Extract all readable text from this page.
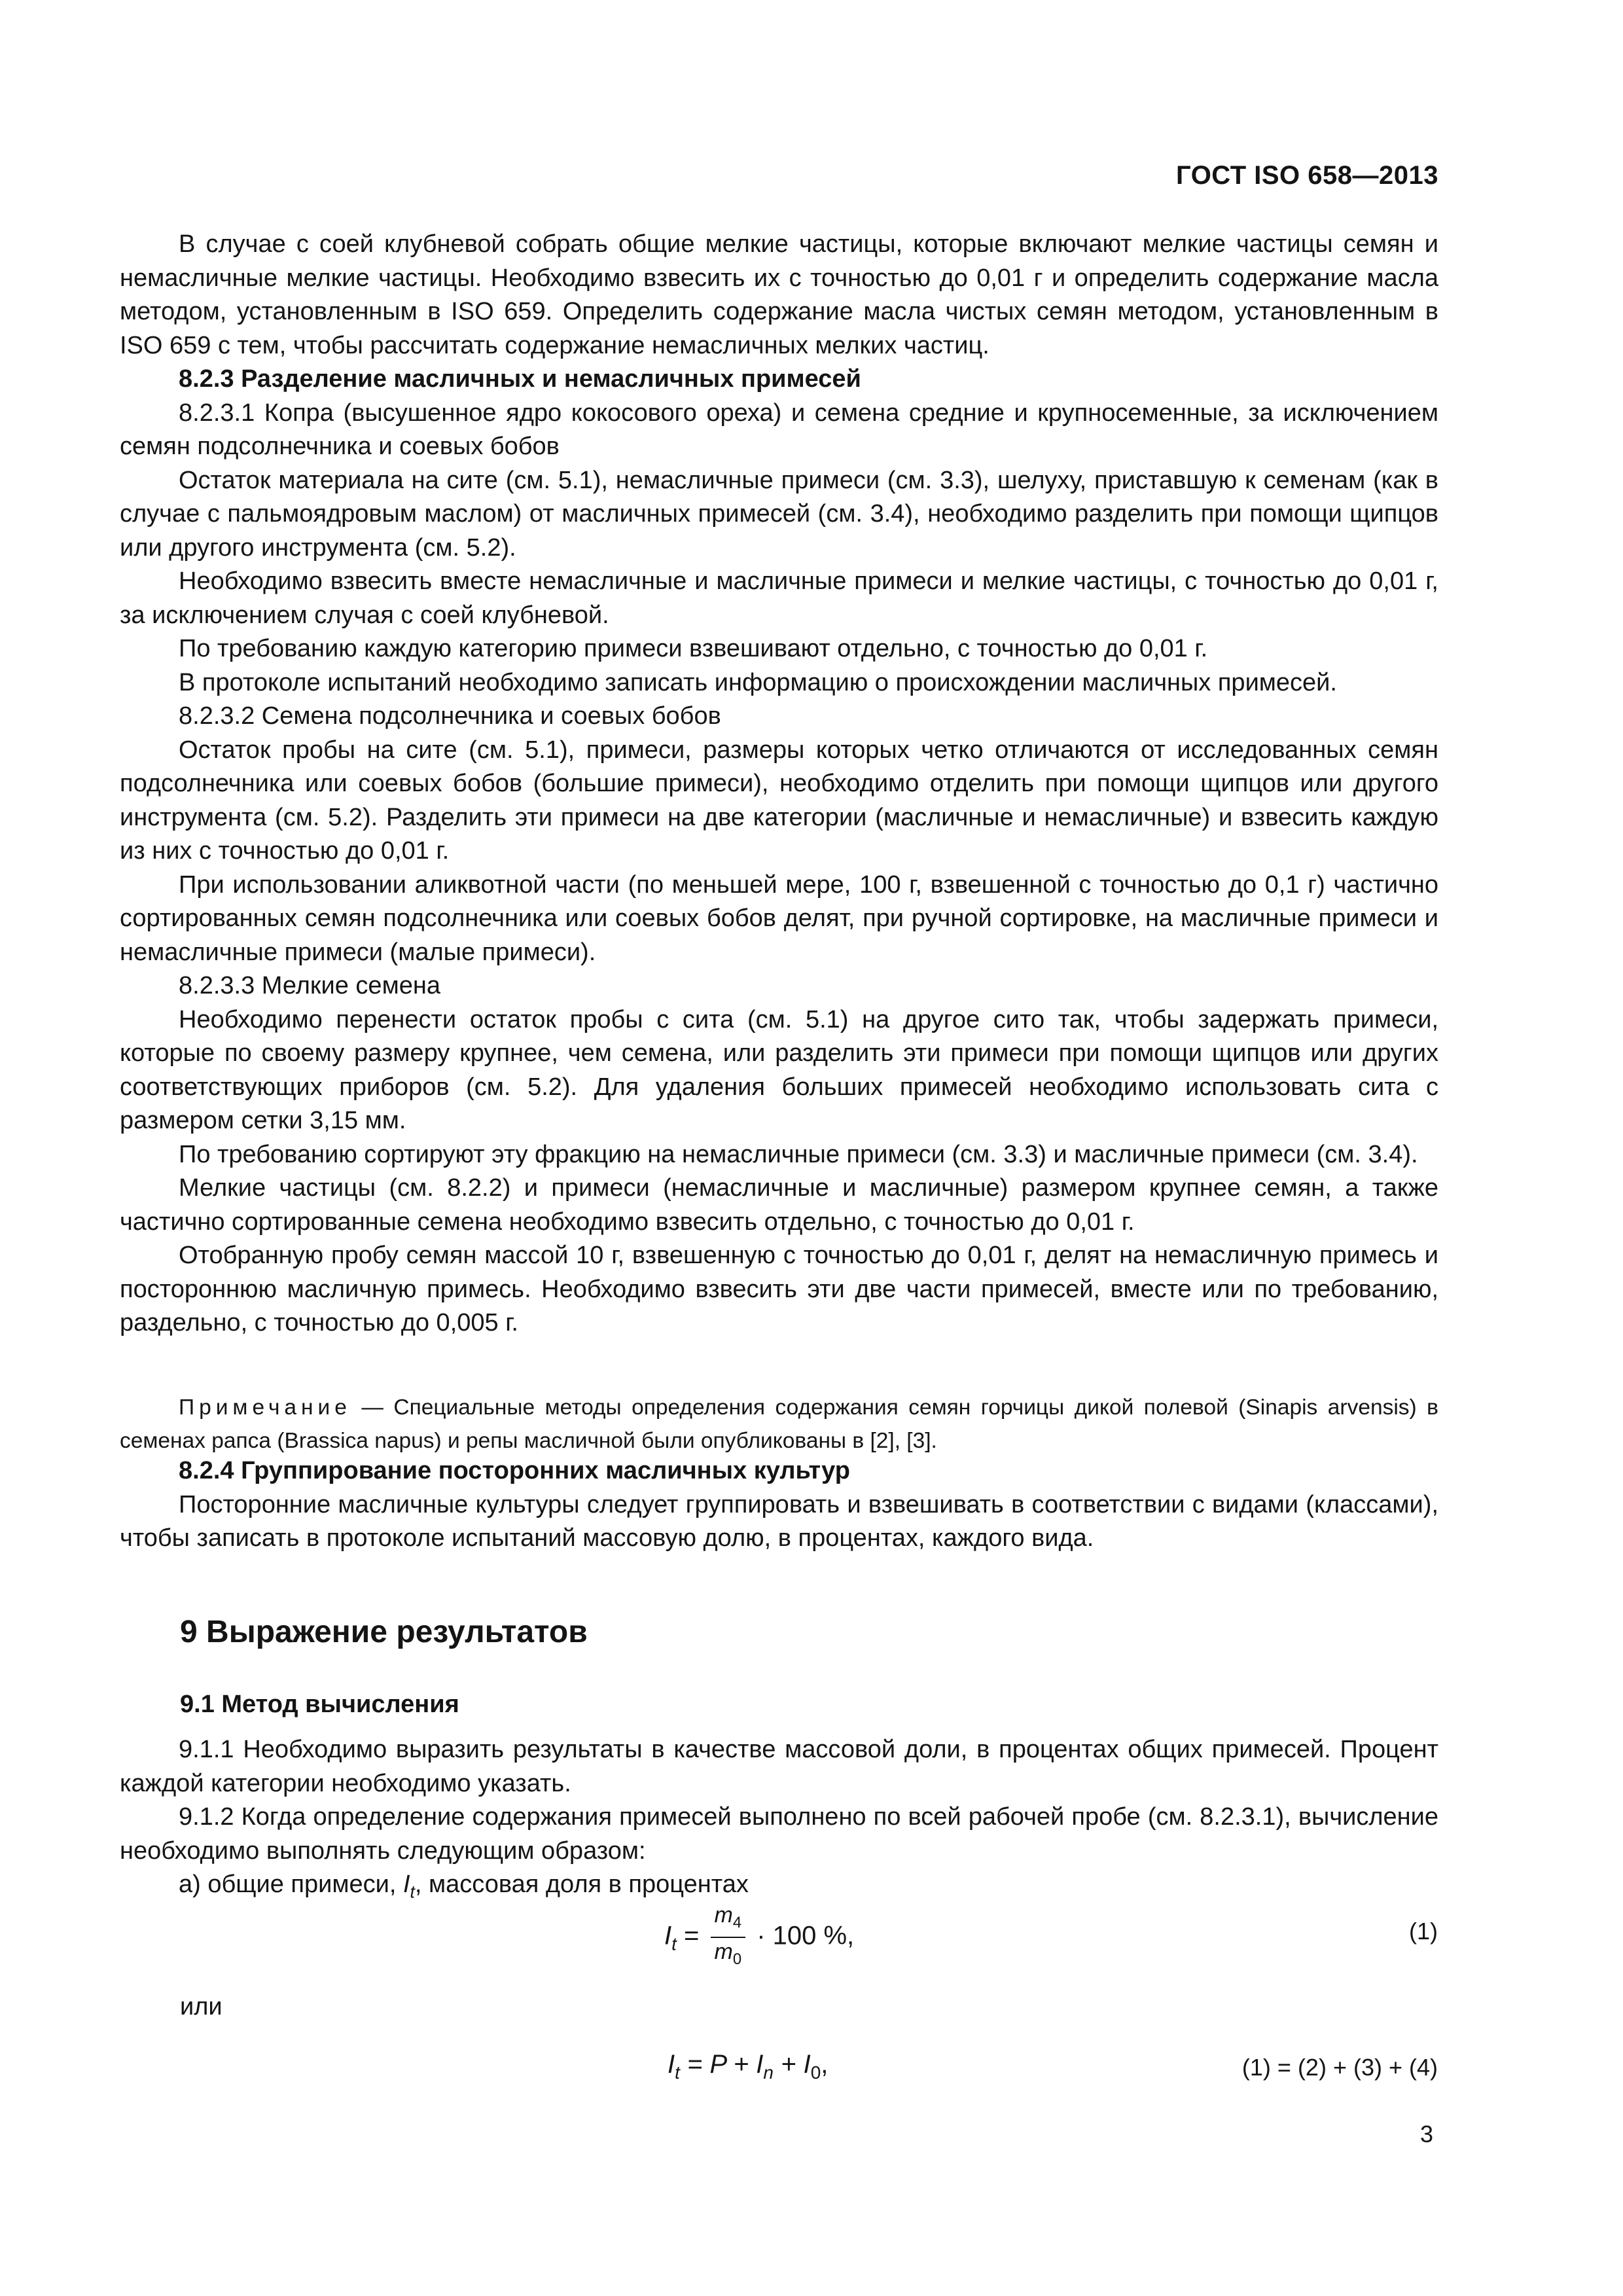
ГОСТ ISO 658—2013

В случае с соей клубневой собрать общие мелкие частицы, которые включают мелкие частицы семян и немасличные мелкие частицы. Необходимо взвесить их с точностью до 0,01 г и определить содержание масла методом, установленным в ISO 659. Определить содержание масла чистых семян методом, установленным в ISO 659 с тем, чтобы рассчитать содержание немасличных мелких частиц.

8.2.3 Разделение масличных и немасличных примесей

8.2.3.1 Копра (высушенное ядро кокосового ореха) и семена средние и крупносеменные, за исключением семян подсолнечника и соевых бобов

Остаток материала на сите (см. 5.1), немасличные примеси (см. 3.3), шелуху, приставшую к семенам (как в случае с пальмоядровым маслом) от масличных примесей (см. 3.4), необходимо разделить при помощи щипцов или другого инструмента (см. 5.2).

Необходимо взвесить вместе немасличные и масличные примеси и мелкие частицы, с точностью до 0,01 г, за исключением случая с соей клубневой.

По требованию каждую категорию примеси взвешивают отдельно, с точностью до 0,01 г.

В протоколе испытаний необходимо записать информацию о происхождении масличных примесей.

8.2.3.2 Семена подсолнечника и соевых бобов

Остаток пробы на сите (см. 5.1), примеси, размеры которых четко отличаются от исследованных семян подсолнечника или соевых бобов (большие примеси), необходимо отделить при помощи щипцов или другого инструмента (см. 5.2). Разделить эти примеси на две категории (масличные и немасличные) и взвесить каждую из них с точностью до 0,01 г.

При использовании аликвотной части (по меньшей мере, 100 г, взвешенной с точностью до 0,1 г) частично сортированных семян подсолнечника или соевых бобов делят, при ручной сортировке, на масличные примеси и немасличные примеси (малые примеси).

8.2.3.3 Мелкие семена

Необходимо перенести остаток пробы с сита (см. 5.1) на другое сито так, чтобы задержать примеси, которые по своему размеру крупнее, чем семена, или разделить эти примеси при помощи щипцов или других соответствующих приборов (см. 5.2). Для удаления больших примесей необходимо использовать сита с размером сетки 3,15 мм.

По требованию сортируют эту фракцию на немасличные примеси (см. 3.3) и масличные примеси (см. 3.4).

Мелкие частицы (см. 8.2.2) и примеси (немасличные и масличные) размером крупнее семян, а также частично сортированные семена необходимо взвесить отдельно, с точностью до 0,01 г.

Отобранную пробу семян массой 10 г, взвешенную с точностью до 0,01 г, делят на немасличную примесь и постороннюю масличную примесь. Необходимо взвесить эти две части примесей, вместе или по требованию, раздельно, с точностью до 0,005 г.

Примечание — Специальные методы определения содержания семян горчицы дикой полевой (Sinapis arvensis) в семенах рапса (Brassica napus) и репы масличной были опубликованы в [2], [3].

8.2.4 Группирование посторонних масличных культур

Посторонние масличные культуры следует группировать и взвешивать в соответствии с видами (классами), чтобы записать в протоколе испытаний массовую долю, в процентах, каждого вида.

9 Выражение результатов
9.1 Метод вычисления

9.1.1 Необходимо выразить результаты в качестве массовой доли, в процентах общих примесей. Процент каждой категории необходимо указать.

9.1.2 Когда определение содержания примесей выполнено по всей рабочей пробе (см. 8.2.3.1), вычисление необходимо выполнять следующим образом:

а) общие примеси, $I_t$, массовая доля в процентах

$I_t = \frac{m_4}{m_0} \cdot 100$ %,	(1)
или
$I_t = P + I_n + I_0$,	(1) = (2) + (3) + (4)
3
